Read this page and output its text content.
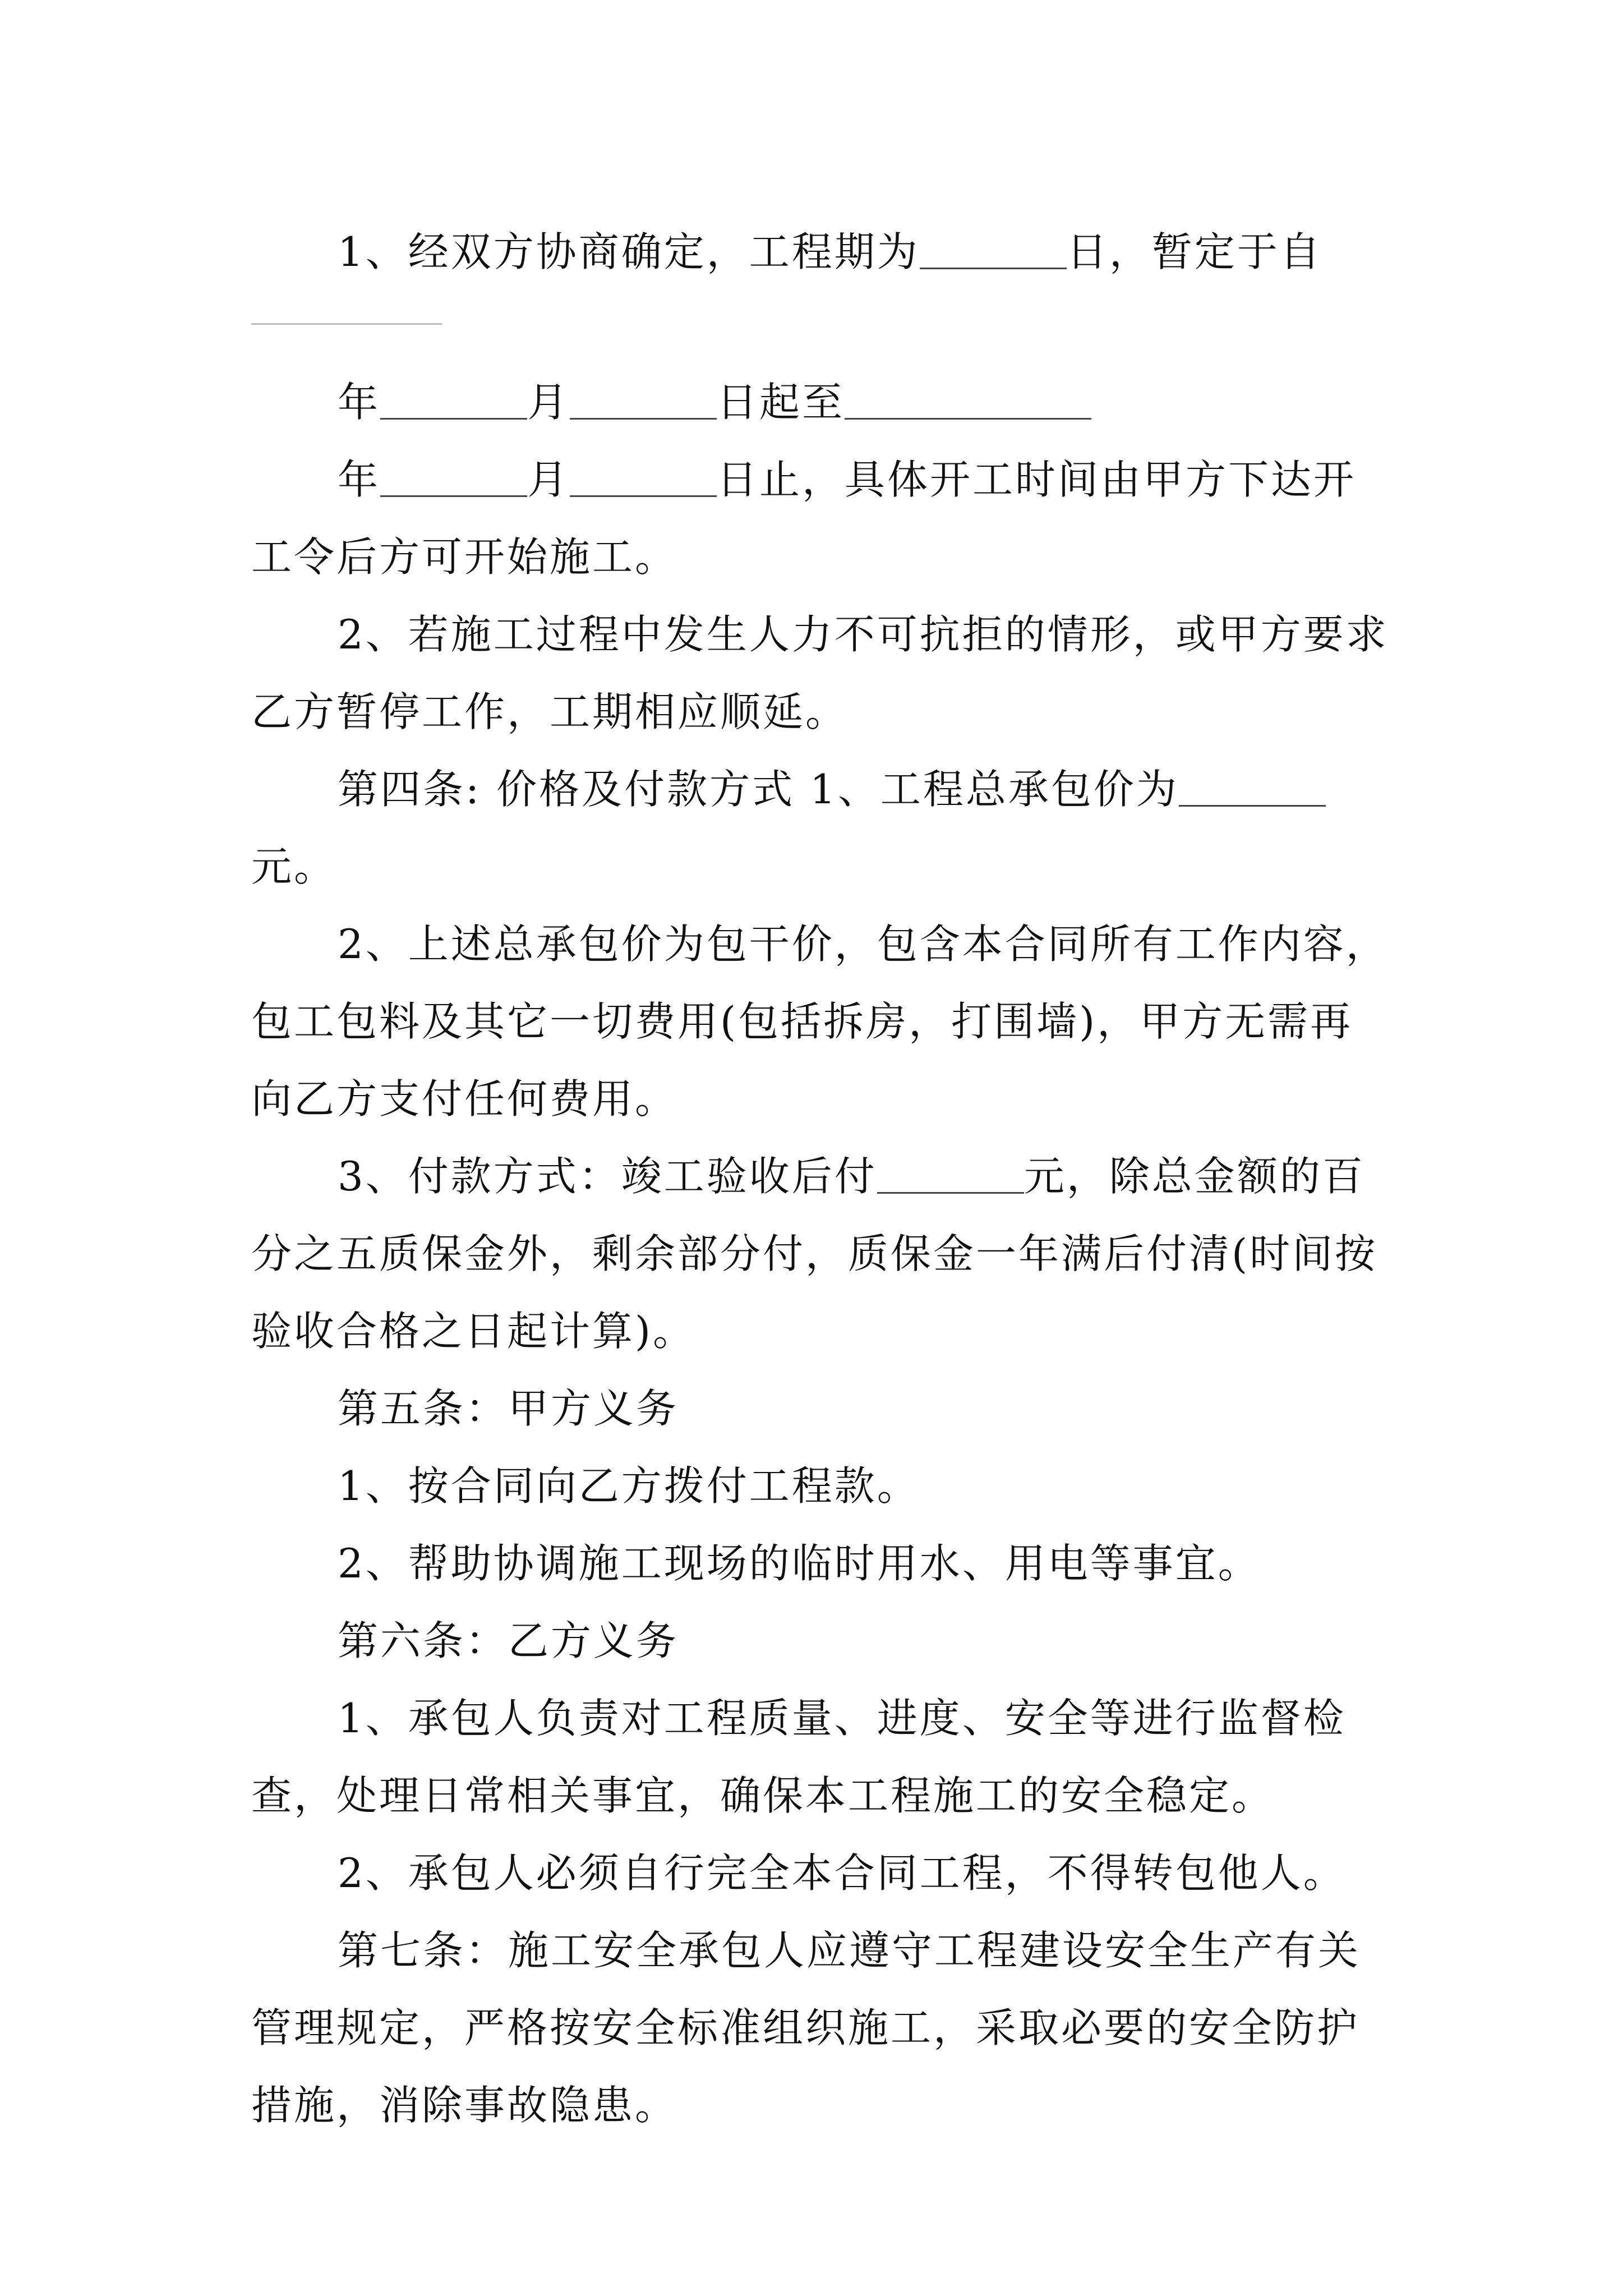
1、经双方协商确定，工程期为	日，暂定于自

年	月	日起至

年	月	日止，具体开工时间由甲方下达开工令后方可开始施工。

2、若施工过程中发生人力不可抗拒的情形，或甲方要求乙方暂停工作，工期相应顺延。

第四条: 价格及付款方式 1、工程总承包价为元。

2、上述总承包价为包干价，包含本合同所有工作内容，包工包料及其它一切费用(包括拆房，打围墙)，甲方无需再向乙方支付任何费用。

3、付款方式：竣工验收后付	元，除总金额的百分之五质保金外，剩余部分付，质保金一年满后付清(时间按验收合格之日起计算)。

第五条：甲方义务

1、按合同向乙方拨付工程款。

2、帮助协调施工现场的临时用水、用电等事宜。

第六条：乙方义务

1、承包人负责对工程质量、进度、安全等进行监督检查，处理日常相关事宜，确保本工程施工的安全稳定。

2、承包人必须自行完全本合同工程，不得转包他人。

第七条：施工安全承包人应遵守工程建设安全生产有关管理规定，严格按安全标准组织施工，采取必要的安全防护措施，消除事故隐患。
